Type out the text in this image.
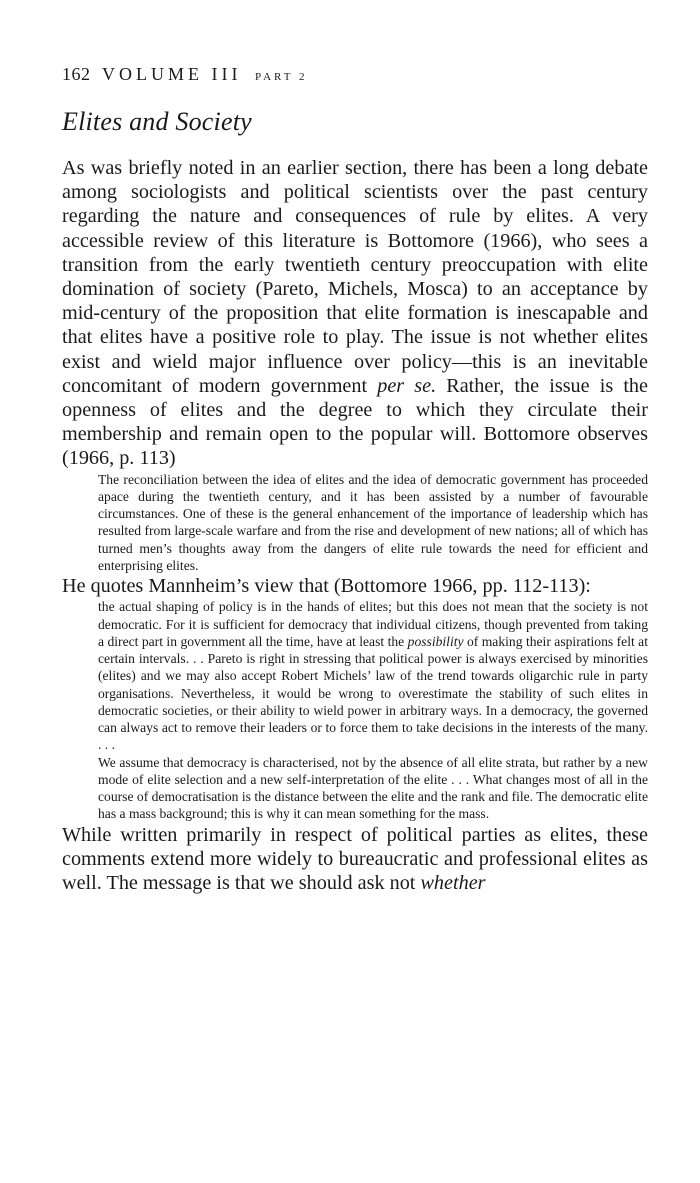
162 VOLUME III PART 2
Elites and Society

As was briefly noted in an earlier section, there has been a long debate among sociologists and political scientists over the past century regarding the nature and consequences of rule by elites. A very accessible review of this literature is Bottomore (1966), who sees a transition from the early twentieth century preoccupation with elite domination of society (Pareto, Michels, Mosca) to an acceptance by mid-century of the proposition that elite formation is inescapable and that elites have a positive role to play. The issue is not whether elites exist and wield major influence over policy—this is an inevitable concomitant of modern government per se. Rather, the issue is the openness of elites and the degree to which they circulate their membership and remain open to the popular will. Bottomore observes (1966, p. 113)

The reconciliation between the idea of elites and the idea of democratic government has proceeded apace during the twentieth century, and it has been assisted by a number of favourable circumstances. One of these is the general enhancement of the importance of leadership which has resulted from large-scale warfare and from the rise and development of new nations; all of which has turned men’s thoughts away from the dangers of elite rule towards the need for efficient and enterprising elites.

He quotes Mannheim’s view that (Bottomore 1966, pp. 112-113):

the actual shaping of policy is in the hands of elites; but this does not mean that the society is not democratic. For it is sufficient for democracy that individual citizens, though prevented from taking a direct part in government all the time, have at least the possibility of making their aspirations felt at certain intervals. . . Pareto is right in stressing that political power is always exercised by minorities (elites) and we may also accept Robert Michels’ law of the trend towards oligarchic rule in party organisations. Nevertheless, it would be wrong to overestimate the stability of such elites in democratic societies, or their ability to wield power in arbitrary ways. In a democracy, the governed can always act to remove their leaders or to force them to take decisions in the interests of the many. . . .

We assume that democracy is characterised, not by the absence of all elite strata, but rather by a new mode of elite selection and a new self-interpretation of the elite . . . What changes most of all in the course of democratisation is the distance between the elite and the rank and file. The democratic elite has a mass background; this is why it can mean something for the mass.

While written primarily in respect of political parties as elites, these comments extend more widely to bureaucratic and professional elites as well. The message is that we should ask not whether
